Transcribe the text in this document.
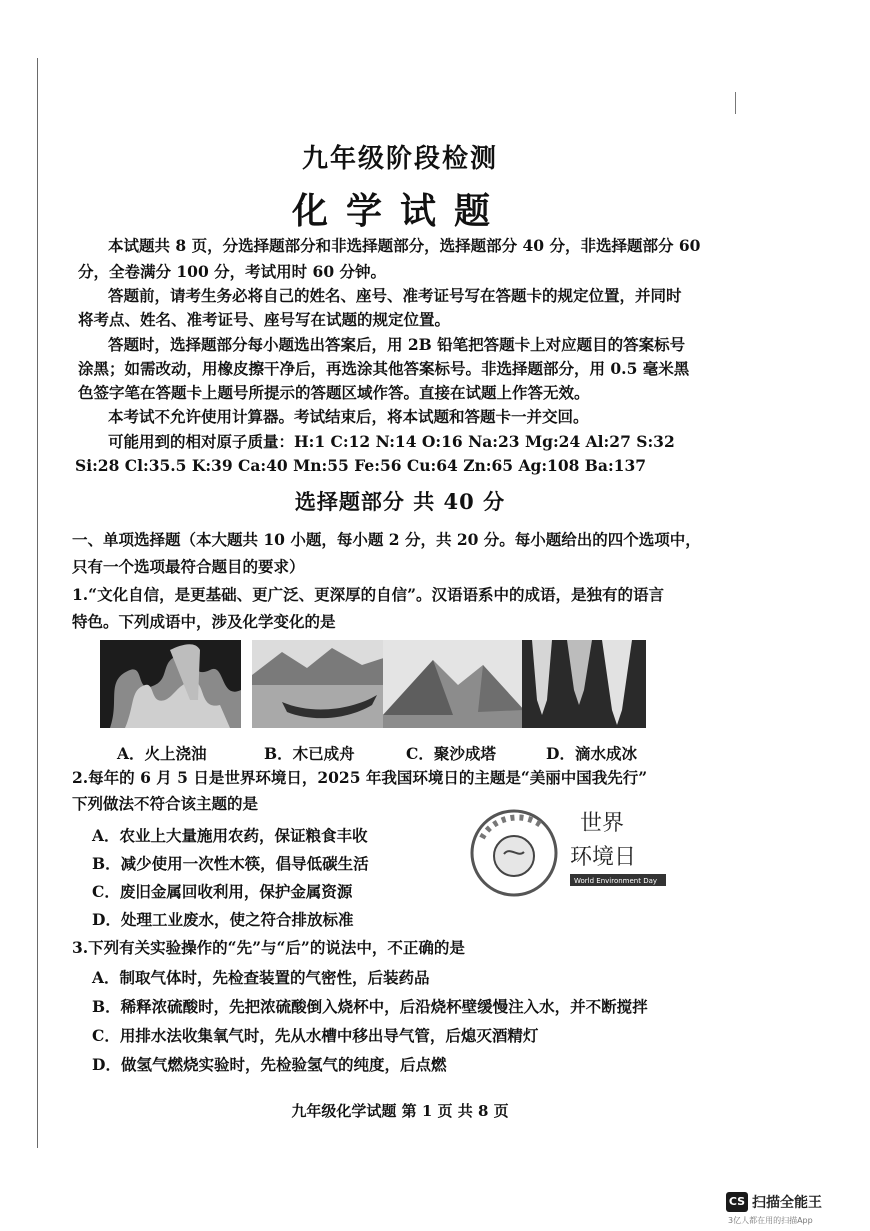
九年级阶段检测
化学试题
本试题共 8 页，分选择题部分和非选择题部分，选择题部分 40 分，非选择题部分 60
分，全卷满分 100 分，考试用时 60 分钟。
答题前，请考生务必将自己的姓名、座号、准考证号写在答题卡的规定位置，并同时
将考点、姓名、准考证号、座号写在试题的规定位置。
答题时，选择题部分每小题选出答案后，用 2B 铅笔把答题卡上对应题目的答案标号
涂黑；如需改动，用橡皮擦干净后，再选涂其他答案标号。非选择题部分，用 0.5 毫米黑
色签字笔在答题卡上题号所提示的答题区域作答。直接在试题上作答无效。
本考试不允许使用计算器。考试结束后，将本试题和答题卡一并交回。
可能用到的相对原子质量：H:1 C:12 N:14 O:16 Na:23 Mg:24 Al:27 S:32
Si:28 Cl:35.5 K:39 Ca:40 Mn:55 Fe:56 Cu:64 Zn:65 Ag:108 Ba:137
选择题部分 共 40 分
一、单项选择题（本大题共 10 小题，每小题 2 分，共 20 分。每小题给出的四个选项中，
只有一个选项最符合题目的要求）
1.“文化自信，是更基础、更广泛、更深厚的自信”。汉语语系中的成语，是独有的语言
特色。下列成语中，涉及化学变化的是
A．火上浇油	B．木已成舟	C．聚沙成塔	D．滴水成冰
2.每年的 6 月 5 日是世界环境日，2025 年我国环境日的主题是“美丽中国我先行”
下列做法不符合该主题的是
A．农业上大量施用农药，保证粮食丰收
B．减少使用一次性木筷，倡导低碳生活
C．废旧金属回收利用，保护金属资源
D．处理工业废水，使之符合排放标准
世界
环境日
World Environment Day
3.下列有关实验操作的“先”与“后”的说法中，不正确的是
A．制取气体时，先检查装置的气密性，后装药品
B．稀释浓硫酸时，先把浓硫酸倒入烧杯中，后沿烧杯壁缓慢注入水，并不断搅拌
C．用排水法收集氧气时，先从水槽中移出导气管，后熄灭酒精灯
D．做氢气燃烧实验时，先检验氢气的纯度，后点燃
九年级化学试题 第 1 页 共 8 页
CS 扫描全能王
3亿人都在用的扫描App
